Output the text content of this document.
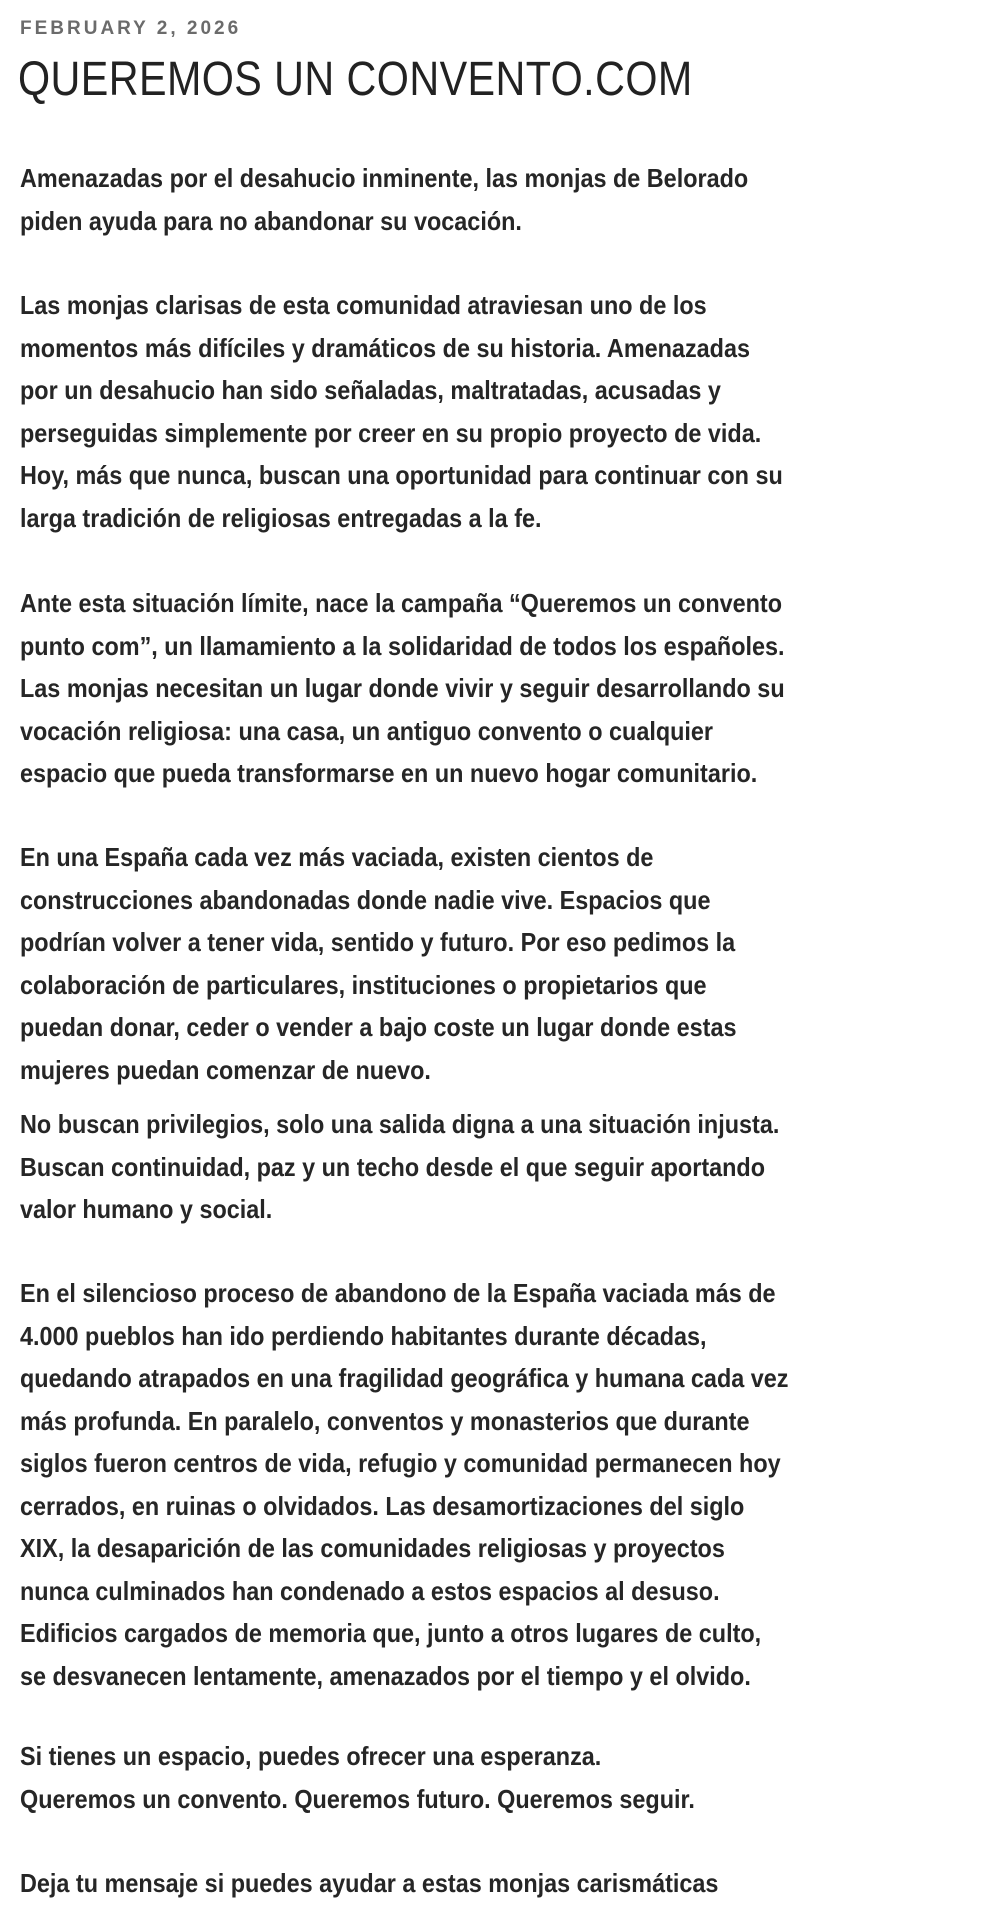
FEBRUARY 2, 2026
QUEREMOS UN CONVENTO.COM

Amenazadas por el desahucio inminente, las monjas de Belorado
piden ayuda para no abandonar su vocación.

Las monjas clarisas de esta comunidad atraviesan uno de los
momentos más difíciles y dramáticos de su historia. Amenazadas
por un desahucio han sido señaladas, maltratadas, acusadas y
perseguidas simplemente por creer en su propio proyecto de vida.
Hoy, más que nunca, buscan una oportunidad para continuar con su
larga tradición de religiosas entregadas a la fe.

Ante esta situación límite, nace la campaña “Queremos un convento
punto com”, un llamamiento a la solidaridad de todos los españoles.
Las monjas necesitan un lugar donde vivir y seguir desarrollando su
vocación religiosa: una casa, un antiguo convento o cualquier
espacio que pueda transformarse en un nuevo hogar comunitario.

En una España cada vez más vaciada, existen cientos de
construcciones abandonadas donde nadie vive. Espacios que
podrían volver a tener vida, sentido y futuro. Por eso pedimos la
colaboración de particulares, instituciones o propietarios que
puedan donar, ceder o vender a bajo coste un lugar donde estas
mujeres puedan comenzar de nuevo.

No buscan privilegios, solo una salida digna a una situación injusta.
Buscan continuidad, paz y un techo desde el que seguir aportando
valor humano y social.

En el silencioso proceso de abandono de la España vaciada más de
4.000 pueblos han ido perdiendo habitantes durante décadas,
quedando atrapados en una fragilidad geográfica y humana cada vez
más profunda. En paralelo, conventos y monasterios que durante
siglos fueron centros de vida, refugio y comunidad permanecen hoy
cerrados, en ruinas o olvidados. Las desamortizaciones del siglo
XIX, la desaparición de las comunidades religiosas y proyectos
nunca culminados han condenado a estos espacios al desuso.
Edificios cargados de memoria que, junto a otros lugares de culto,
se desvanecen lentamente, amenazados por el tiempo y el olvido.

Si tienes un espacio, puedes ofrecer una esperanza.
Queremos un convento. Queremos futuro. Queremos seguir.

Deja tu mensaje si puedes ayudar a estas monjas carismáticas
